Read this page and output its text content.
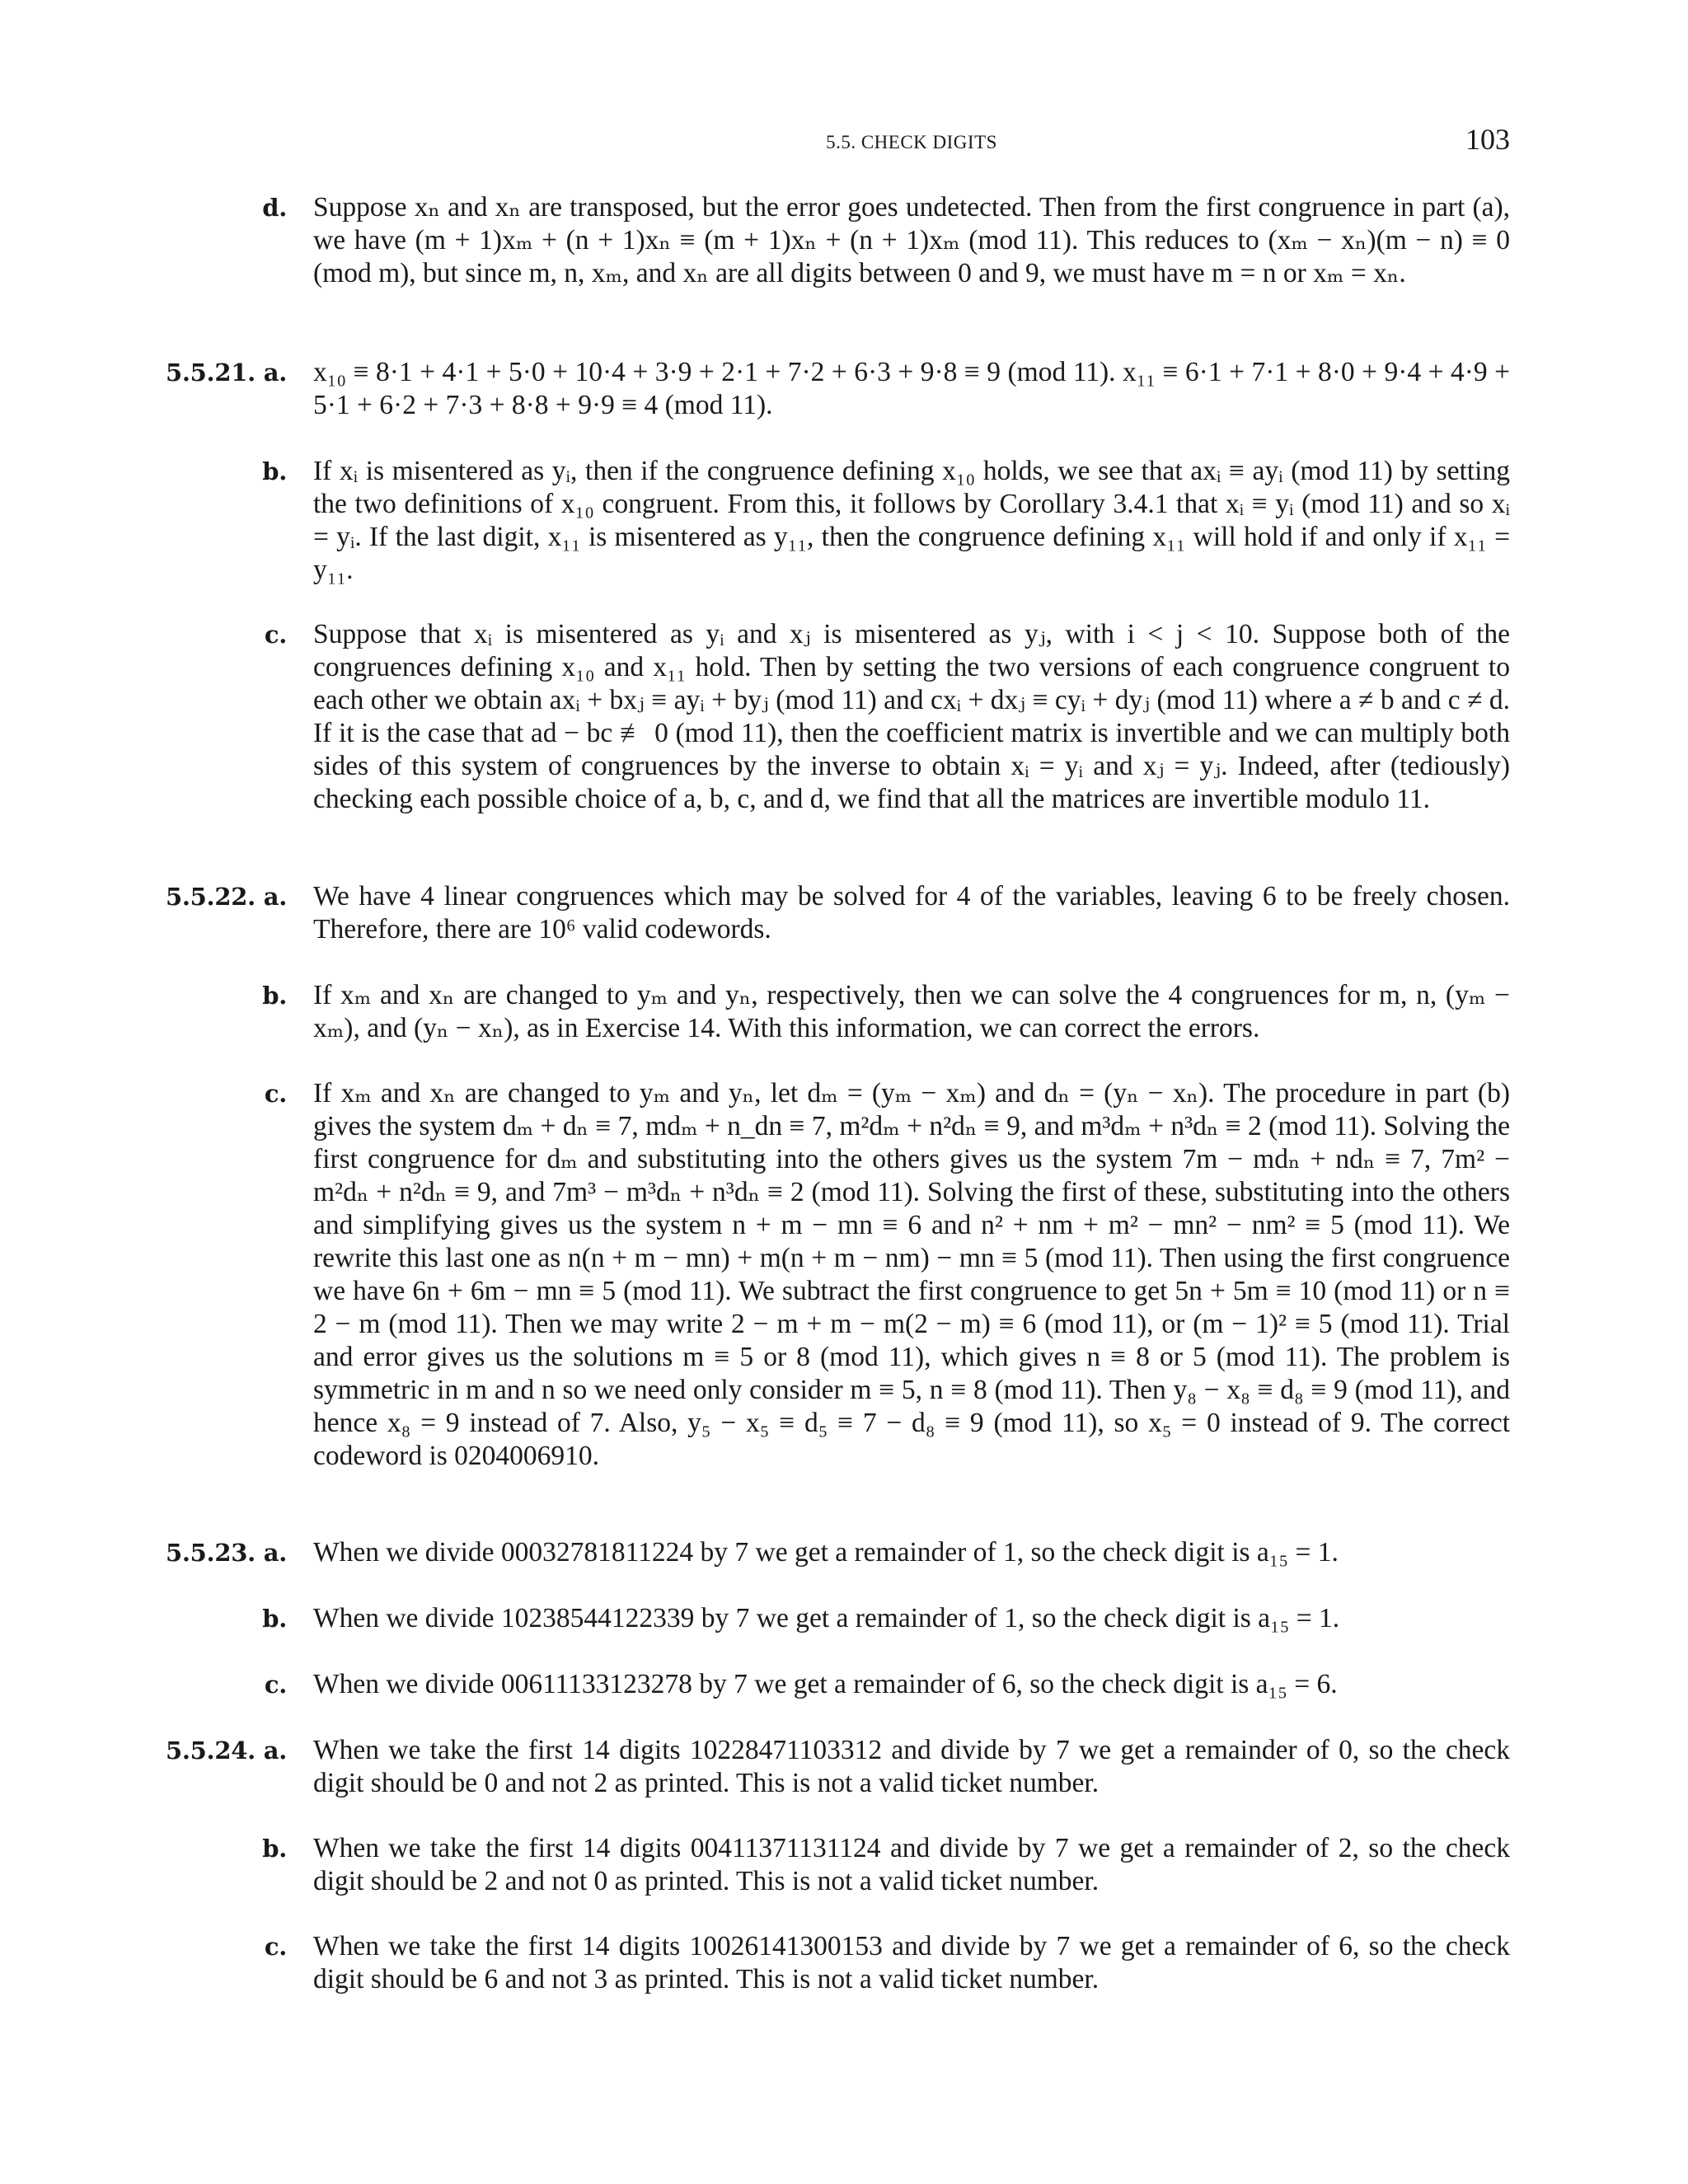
5.5. CHECK DIGITS	103
d. Suppose xₙ and xₙ are transposed, but the error goes undetected. Then from the first congruence in part (a), we have (m + 1)xₘ + (n + 1)xₙ ≡ (m + 1)xₙ + (n + 1)xₘ (mod 11). This reduces to (xₘ − xₙ)(m − n) ≡ 0 (mod m), but since m, n, xₘ, and xₙ are all digits between 0 and 9, we must have m = n or xₘ = xₙ.
5.5.21. a. x₁₀ ≡ 8·1 + 4·1 + 5·0 + 10·4 + 3·9 + 2·1 + 7·2 + 6·3 + 9·8 ≡ 9 (mod 11). x₁₁ ≡ 6·1 + 7·1 + 8·0 + 9·4 + 4·9 + 5·1 + 6·2 + 7·3 + 8·8 + 9·9 ≡ 4 (mod 11).
b. If xᵢ is misentered as yᵢ, then if the congruence defining x₁₀ holds, we see that axᵢ ≡ ayᵢ (mod 11) by setting the two definitions of x₁₀ congruent. From this, it follows by Corollary 3.4.1 that xᵢ ≡ yᵢ (mod 11) and so xᵢ = yᵢ. If the last digit, x₁₁ is misentered as y₁₁, then the congruence defining x₁₁ will hold if and only if x₁₁ = y₁₁.
c. Suppose that xᵢ is misentered as yᵢ and xⱼ is misentered as yⱼ, with i < j < 10. Suppose both of the congruences defining x₁₀ and x₁₁ hold. Then by setting the two versions of each congruence congruent to each other we obtain axᵢ + bxⱼ ≡ ayᵢ + byⱼ (mod 11) and cxᵢ + dxⱼ ≡ cyᵢ + dyⱼ (mod 11) where a ≠ b and c ≠ d. If it is the case that ad − bc ≢ 0 (mod 11), then the coefficient matrix is invertible and we can multiply both sides of this system of congruences by the inverse to obtain xᵢ = yᵢ and xⱼ = yⱼ. Indeed, after (tediously) checking each possible choice of a, b, c, and d, we find that all the matrices are invertible modulo 11.
5.5.22. a. We have 4 linear congruences which may be solved for 4 of the variables, leaving 6 to be freely chosen. Therefore, there are 10⁶ valid codewords.
b. If xₘ and xₙ are changed to yₘ and yₙ, respectively, then we can solve the 4 congruences for m, n, (yₘ − xₘ), and (yₙ − xₙ), as in Exercise 14. With this information, we can correct the errors.
c. If xₘ and xₙ are changed to yₘ and yₙ, let dₘ = (yₘ − xₘ) and dₙ = (yₙ − xₙ). The procedure in part (b) gives the system dₘ + dₙ ≡ 7, mdₘ + n_dn ≡ 7, m²dₘ + n²dₙ ≡ 9, and m³dₘ + n³dₙ ≡ 2 (mod 11). Solving the first congruence for dₘ and substituting into the others gives us the system 7m − mdₙ + ndₙ ≡ 7, 7m² − m²dₙ + n²dₙ ≡ 9, and 7m³ − m³dₙ + n³dₙ ≡ 2 (mod 11). Solving the first of these, substituting into the others and simplifying gives us the system n + m − mn ≡ 6 and n² + nm + m² − mn² − nm² ≡ 5 (mod 11). We rewrite this last one as n(n + m − mn) + m(n + m − nm) − mn ≡ 5 (mod 11). Then using the first congruence we have 6n + 6m − mn ≡ 5 (mod 11). We subtract the first congruence to get 5n + 5m ≡ 10 (mod 11) or n ≡ 2 − m (mod 11). Then we may write 2 − m + m − m(2 − m) ≡ 6 (mod 11), or (m − 1)² ≡ 5 (mod 11). Trial and error gives us the solutions m ≡ 5 or 8 (mod 11), which gives n ≡ 8 or 5 (mod 11). The problem is symmetric in m and n so we need only consider m ≡ 5, n ≡ 8 (mod 11). Then y₈ − x₈ ≡ d₈ ≡ 9 (mod 11), and hence x₈ = 9 instead of 7. Also, y₅ − x₅ ≡ d₅ ≡ 7 − d₈ ≡ 9 (mod 11), so x₅ = 0 instead of 9. The correct codeword is 0204006910.
5.5.23. a. When we divide 00032781811224 by 7 we get a remainder of 1, so the check digit is a₁₅ = 1.
b. When we divide 10238544122339 by 7 we get a remainder of 1, so the check digit is a₁₅ = 1.
c. When we divide 00611133123278 by 7 we get a remainder of 6, so the check digit is a₁₅ = 6.
5.5.24. a. When we take the first 14 digits 10228471103312 and divide by 7 we get a remainder of 0, so the check digit should be 0 and not 2 as printed. This is not a valid ticket number.
b. When we take the first 14 digits 00411371131124 and divide by 7 we get a remainder of 2, so the check digit should be 2 and not 0 as printed. This is not a valid ticket number.
c. When we take the first 14 digits 10026141300153 and divide by 7 we get a remainder of 6, so the check digit should be 6 and not 3 as printed. This is not a valid ticket number.
